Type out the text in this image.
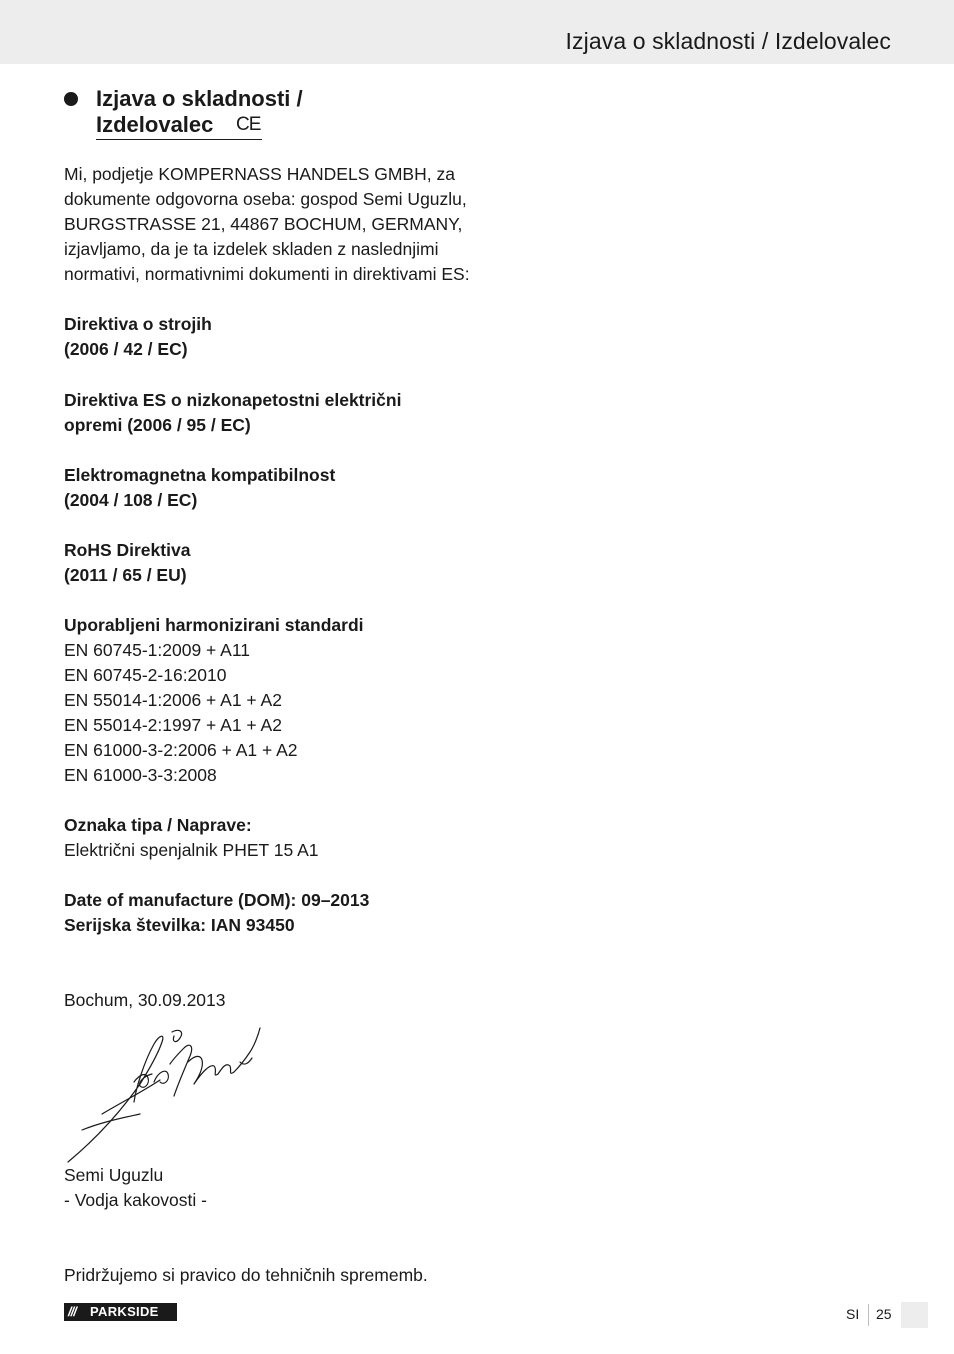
Izjava o skladnosti / Izdelovalec
Izjava o skladnosti /
Izdelovalec	CE

Mi, podjetje KOMPERNASS HANDELS GMBH, za

dokumente odgovorna oseba: gospod Semi Uguzlu,

BURGSTRASSE 21, 44867 BOCHUM, GERMANY,

izjavljamo, da je ta izdelek skladen z naslednjimi

normativi, normativnimi dokumenti in direktivami ES:

Direktiva o strojih

(2006 / 42 / EC)

Direktiva ES o nizkonapetostni električni

opremi (2006 / 95 / EC)

Elektromagnetna kompatibilnost

(2004 / 108 / EC)

RoHS Direktiva

(2011 / 65 / EU)

Uporabljeni harmonizirani standardi

EN 60745-1:2009 + A11

EN 60745-2-16:2010

EN 55014-1:2006 + A1 + A2

EN 55014-2:1997 + A1 + A2

EN 61000-3-2:2006 + A1 + A2

EN 61000-3-3:2008

Oznaka tipa / Naprave:

Električni spenjalnik PHET 15 A1

Date of manufacture (DOM): 09–2013

Serijska številka: IAN 93450

Bochum, 30.09.2013

Semi Uguzlu

- Vodja kakovosti -

Pridržujemo si pravico do tehničnih sprememb.

/// PARKSIDE	SI 25
